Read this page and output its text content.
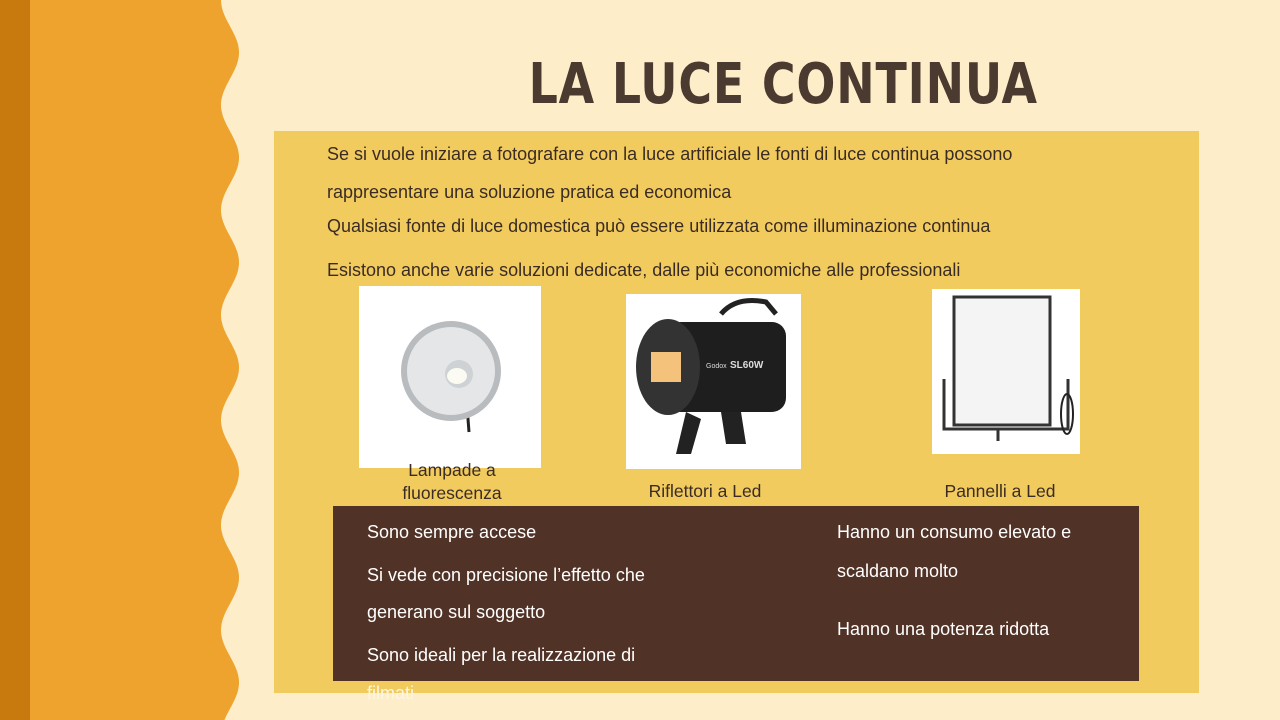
LA LUCE CONTINUA
Se si vuole iniziare a fotografare con la luce artificiale le fonti di luce continua possono
rappresentare una soluzione pratica ed economica
Qualsiasi fonte di luce domestica può essere utilizzata come illuminazione continua
Esistono anche varie soluzioni dedicate, dalle più economiche alle professionali
Godox SL60W
Lampade a
fluorescenza	Riflettori a Led	Pannelli a Led
Sono sempre accese
Si vede con precisione l’effetto che
generano sul soggetto
Sono ideali per la realizzazione di
filmati
Hanno un consumo elevato e
scaldano molto
Hanno una potenza ridotta
